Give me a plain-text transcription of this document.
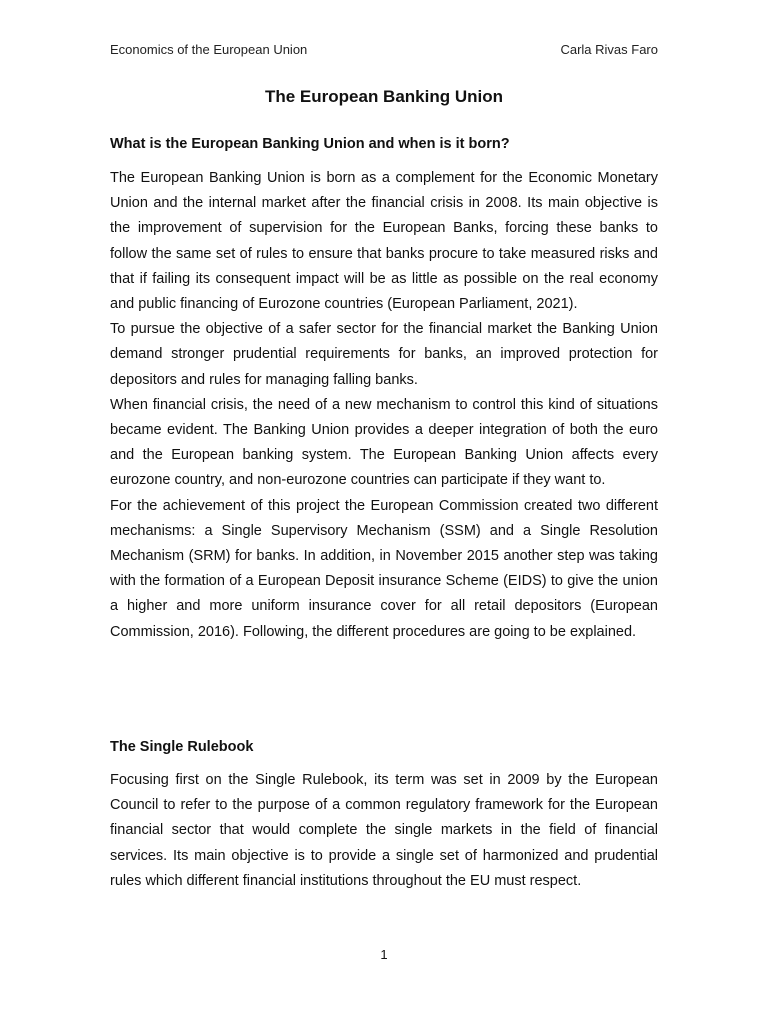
Economics of the European Union	Carla Rivas Faro
The European Banking Union
What is the European Banking Union and when is it born?

The European Banking Union is born as a complement for the Economic Monetary Union and the internal market after the financial crisis in 2008. Its main objective is the improvement of supervision for the European Banks, forcing these banks to follow the same set of rules to ensure that banks procure to take measured risks and that if failing its consequent impact will be as little as possible on the real economy and public financing of Eurozone countries (European Parliament, 2021).

To pursue the objective of a safer sector for the financial market the Banking Union demand stronger prudential requirements for banks, an improved protection for depositors and rules for managing falling banks.

When financial crisis, the need of a new mechanism to control this kind of situations became evident. The Banking Union provides a deeper integration of both the euro and the European banking system. The European Banking Union affects every eurozone country, and non-eurozone countries can participate if they want to.

For the achievement of this project the European Commission created two different mechanisms: a Single Supervisory Mechanism (SSM) and a Single Resolution Mechanism (SRM) for banks. In addition, in November 2015 another step was taking with the formation of a European Deposit insurance Scheme (EIDS) to give the union a higher and more uniform insurance cover for all retail depositors (European Commission, 2016). Following, the different procedures are going to be explained.

The Single Rulebook

Focusing first on the Single Rulebook, its term was set in 2009 by the European Council to refer to the purpose of a common regulatory framework for the European financial sector that would complete the single markets in the field of financial services. Its main objective is to provide a single set of harmonized and prudential rules which different financial institutions throughout the EU must respect.

1
